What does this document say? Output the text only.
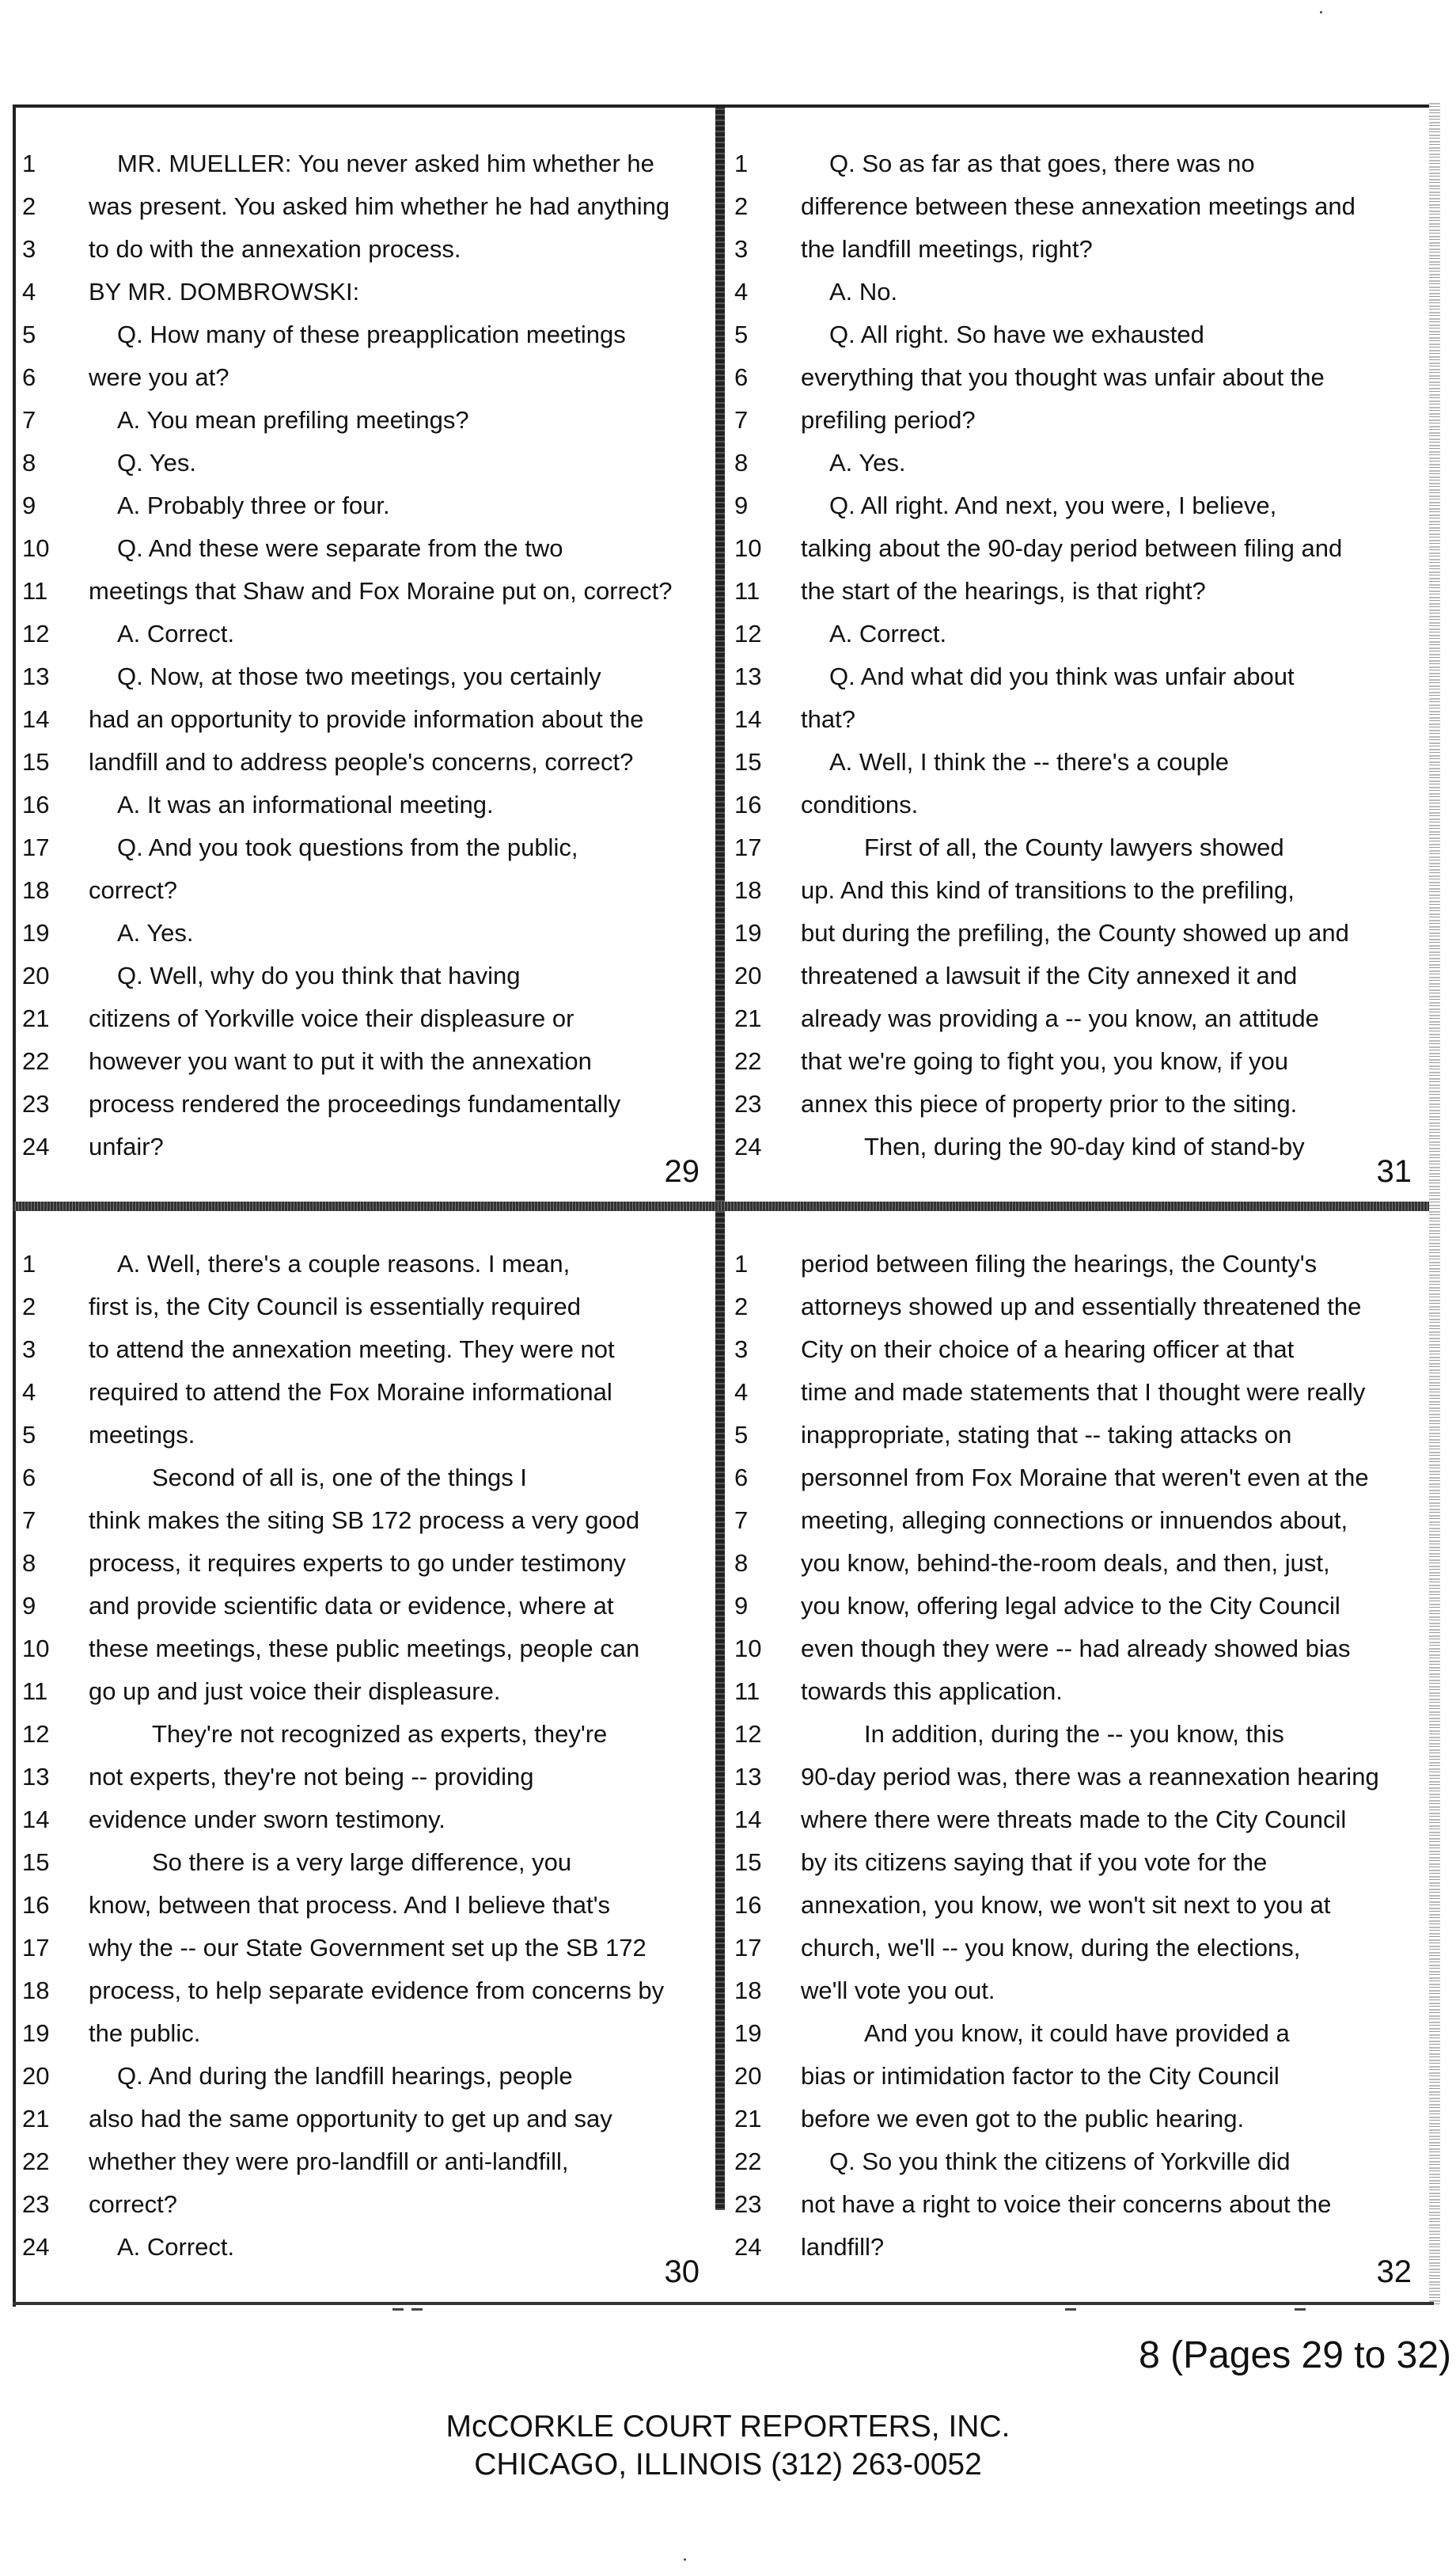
1	MR. MUELLER: You never asked him whether he
2	was present. You asked him whether he had anything
3	to do with the annexation process.
4	BY MR. DOMBROWSKI:
5	Q. How many of these preapplication meetings
6	were you at?
7	A. You mean prefiling meetings?
8	Q. Yes.
9	A. Probably three or four.
10	Q. And these were separate from the two
11	meetings that Shaw and Fox Moraine put on, correct?
12	A. Correct.
13	Q. Now, at those two meetings, you certainly
14	had an opportunity to provide information about the
15	landfill and to address people's concerns, correct?
16	A. It was an informational meeting.
17	Q. And you took questions from the public,
18	correct?
19	A. Yes.
20	Q. Well, why do you think that having
21	citizens of Yorkville voice their displeasure or
22	however you want to put it with the annexation
23	process rendered the proceedings fundamentally
24	unfair?
29
1	Q. So as far as that goes, there was no
2	difference between these annexation meetings and
3	the landfill meetings, right?
4	A. No.
5	Q. All right. So have we exhausted
6	everything that you thought was unfair about the
7	prefiling period?
8	A. Yes.
9	Q. All right. And next, you were, I believe,
10	talking about the 90-day period between filing and
11	the start of the hearings, is that right?
12	A. Correct.
13	Q. And what did you think was unfair about
14	that?
15	A. Well, I think the -- there's a couple
16	conditions.
17	First of all, the County lawyers showed
18	up. And this kind of transitions to the prefiling,
19	but during the prefiling, the County showed up and
20	threatened a lawsuit if the City annexed it and
21	already was providing a -- you know, an attitude
22	that we're going to fight you, you know, if you
23	annex this piece of property prior to the siting.
24	Then, during the 90-day kind of stand-by
31
1	A. Well, there's a couple reasons. I mean,
2	first is, the City Council is essentially required
3	to attend the annexation meeting. They were not
4	required to attend the Fox Moraine informational
5	meetings.
6	Second of all is, one of the things I
7	think makes the siting SB 172 process a very good
8	process, it requires experts to go under testimony
9	and provide scientific data or evidence, where at
10	these meetings, these public meetings, people can
11	go up and just voice their displeasure.
12	They're not recognized as experts, they're
13	not experts, they're not being -- providing
14	evidence under sworn testimony.
15	So there is a very large difference, you
16	know, between that process. And I believe that's
17	why the -- our State Government set up the SB 172
18	process, to help separate evidence from concerns by
19	the public.
20	Q. And during the landfill hearings, people
21	also had the same opportunity to get up and say
22	whether they were pro-landfill or anti-landfill,
23	correct?
24	A. Correct.
30
1	period between filing the hearings, the County's
2	attorneys showed up and essentially threatened the
3	City on their choice of a hearing officer at that
4	time and made statements that I thought were really
5	inappropriate, stating that -- taking attacks on
6	personnel from Fox Moraine that weren't even at the
7	meeting, alleging connections or innuendos about,
8	you know, behind-the-room deals, and then, just,
9	you know, offering legal advice to the City Council
10	even though they were -- had already showed bias
11	towards this application.
12	In addition, during the -- you know, this
13	90-day period was, there was a reannexation hearing
14	where there were threats made to the City Council
15	by its citizens saying that if you vote for the
16	annexation, you know, we won't sit next to you at
17	church, we'll -- you know, during the elections,
18	we'll vote you out.
19	And you know, it could have provided a
20	bias or intimidation factor to the City Council
21	before we even got to the public hearing.
22	Q. So you think the citizens of Yorkville did
23	not have a right to voice their concerns about the
24	landfill?
32
8 (Pages 29 to 32)
McCORKLE COURT REPORTERS, INC.
CHICAGO, ILLINOIS (312) 263-0052
